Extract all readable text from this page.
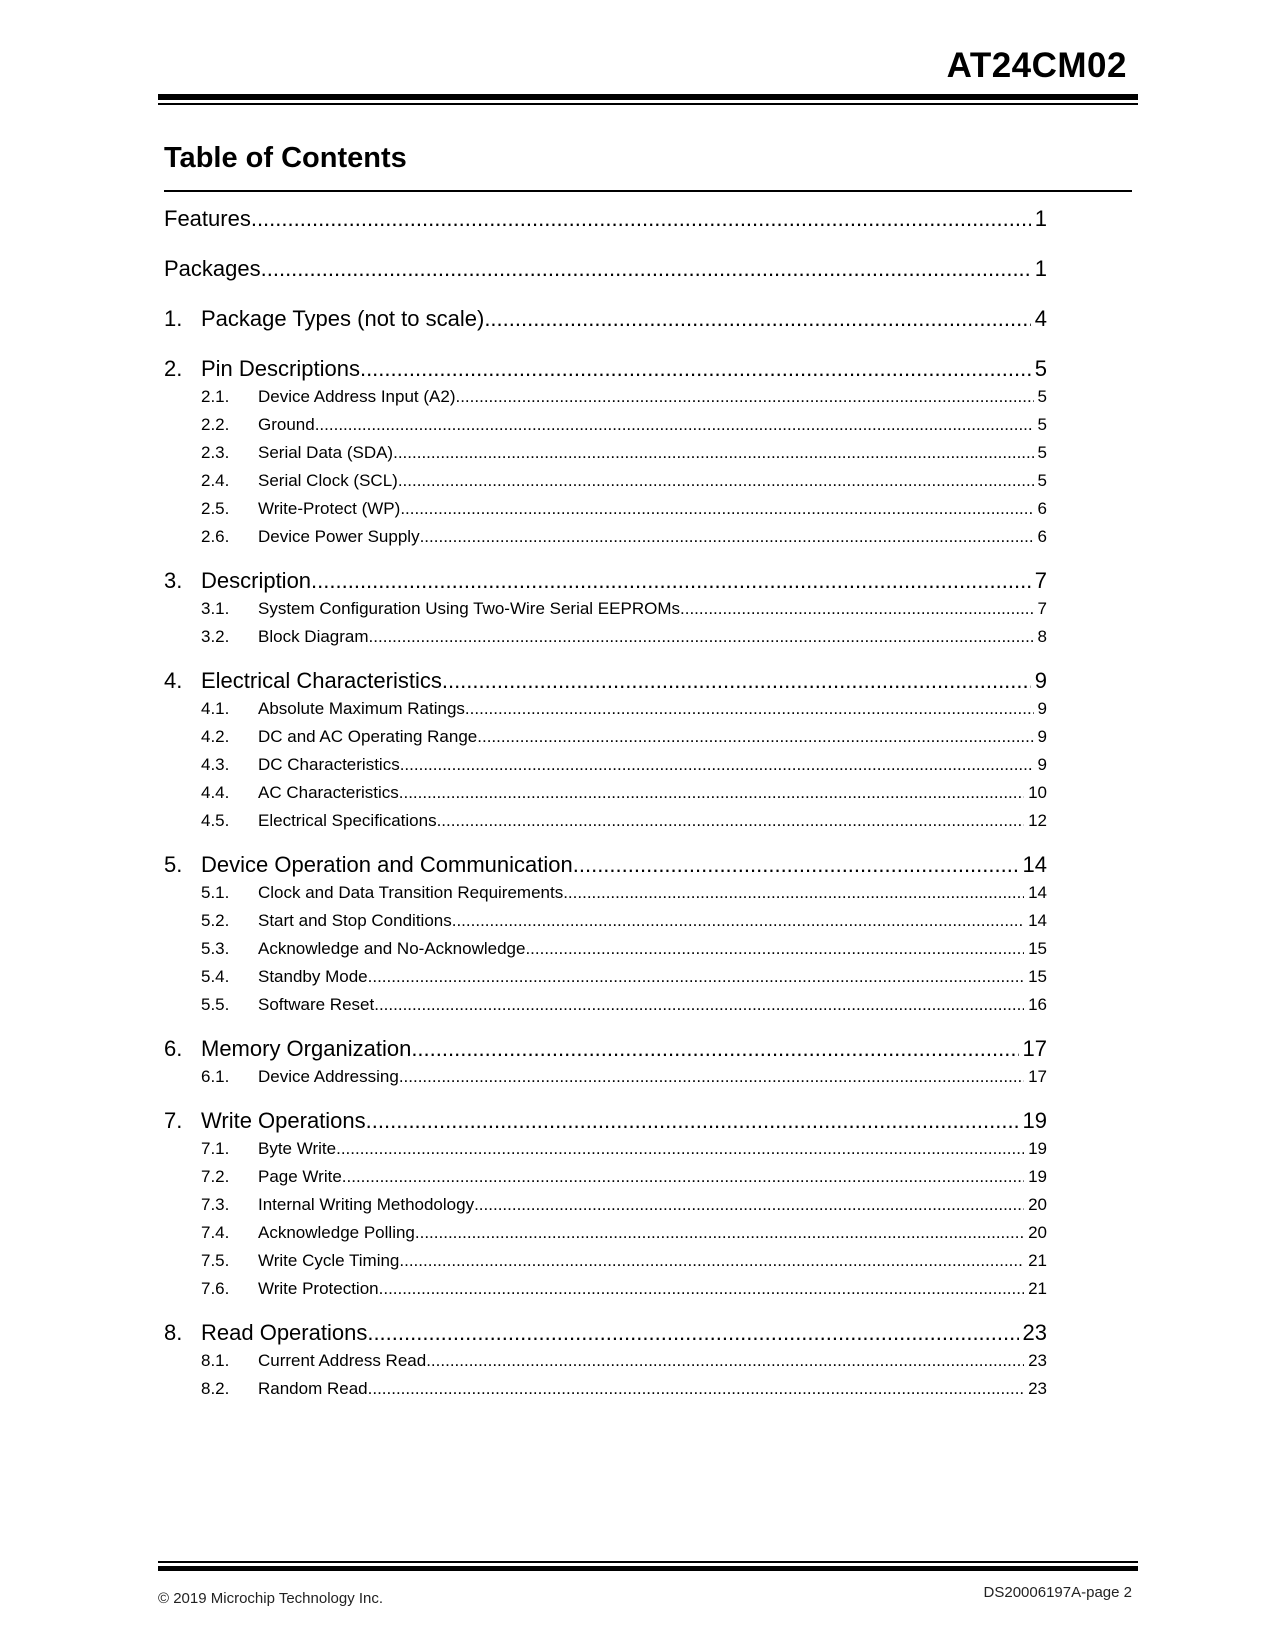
AT24CM02
Table of Contents
Features .....	1
Packages .....	1
1. Package Types (not to scale) .....	4
2. Pin Descriptions .....	5
2.1.	Device Address Input (A2) .....	5
2.2.	Ground .....	5
2.3.	Serial Data (SDA) .....	5
2.4.	Serial Clock (SCL) .....	5
2.5.	Write-Protect (WP) .....	6
2.6.	Device Power Supply .....	6
3. Description .....	7
3.1.	System Configuration Using Two-Wire Serial EEPROMs .....	7
3.2.	Block Diagram .....	8
4. Electrical Characteristics .....	9
4.1.	Absolute Maximum Ratings .....	9
4.2.	DC and AC Operating Range .....	9
4.3.	DC Characteristics .....	9
4.4.	AC Characteristics .....	10
4.5.	Electrical Specifications .....	12
5. Device Operation and Communication .....	14
5.1.	Clock and Data Transition Requirements .....	14
5.2.	Start and Stop Conditions .....	14
5.3.	Acknowledge and No-Acknowledge .....	15
5.4.	Standby Mode .....	15
5.5.	Software Reset .....	16
6. Memory Organization .....	17
6.1.	Device Addressing .....	17
7. Write Operations .....	19
7.1.	Byte Write .....	19
7.2.	Page Write .....	19
7.3.	Internal Writing Methodology .....	20
7.4.	Acknowledge Polling .....	20
7.5.	Write Cycle Timing .....	21
7.6.	Write Protection .....	21
8. Read Operations .....	23
8.1.	Current Address Read .....	23
8.2.	Random Read .....	23
© 2019 Microchip Technology Inc.	DS20006197A-page 2
